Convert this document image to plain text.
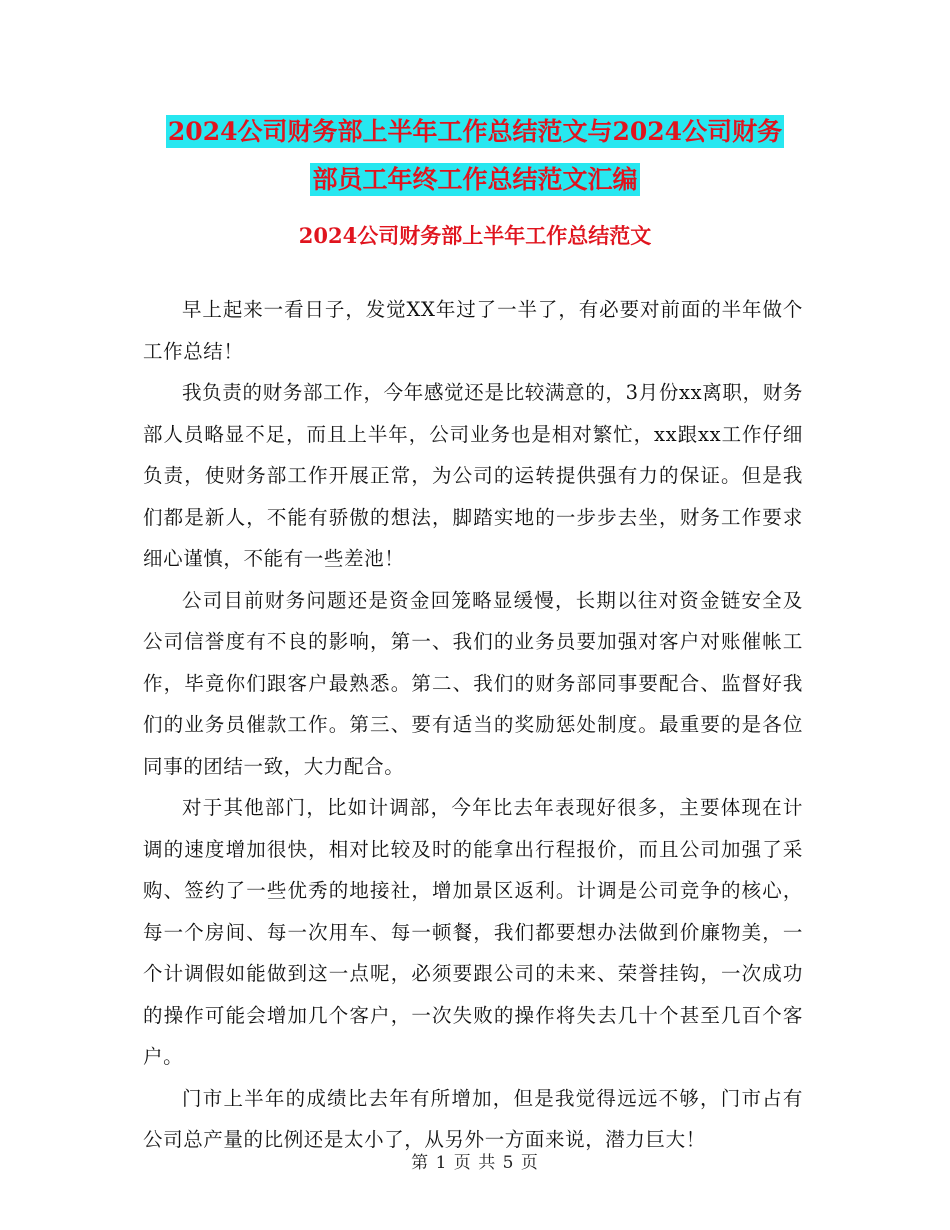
2024公司财务部上半年工作总结范文与2024公司财务
部员工年终工作总结范文汇编
2024公司财务部上半年工作总结范文

早上起来一看日子，发觉XX年过了一半了，有必要对前面的半年做个工作总结！

我负责的财务部工作，今年感觉还是比较满意的，3月份xx离职，财务部人员略显不足，而且上半年，公司业务也是相对繁忙，xx跟xx工作仔细负责，使财务部工作开展正常，为公司的运转提供强有力的保证。但是我们都是新人，不能有骄傲的想法，脚踏实地的一步步去坐，财务工作要求细心谨慎，不能有一些差池！

公司目前财务问题还是资金回笼略显缓慢，长期以往对资金链安全及公司信誉度有不良的影响，第一、我们的业务员要加强对客户对账催帐工作，毕竟你们跟客户最熟悉。第二、我们的财务部同事要配合、监督好我们的业务员催款工作。第三、要有适当的奖励惩处制度。最重要的是各位同事的团结一致，大力配合。

对于其他部门，比如计调部，今年比去年表现好很多，主要体现在计调的速度增加很快，相对比较及时的能拿出行程报价，而且公司加强了采购、签约了一些优秀的地接社，增加景区返利。计调是公司竞争的核心，每一个房间、每一次用车、每一顿餐，我们都要想办法做到价廉物美，一个计调假如能做到这一点呢，必须要跟公司的未来、荣誉挂钩，一次成功的操作可能会增加几个客户，一次失败的操作将失去几十个甚至几百个客户。

门市上半年的成绩比去年有所增加，但是我觉得远远不够，门市占有公司总产量的比例还是太小了，从另外一方面来说，潜力巨大！

第 1 页 共 5 页
